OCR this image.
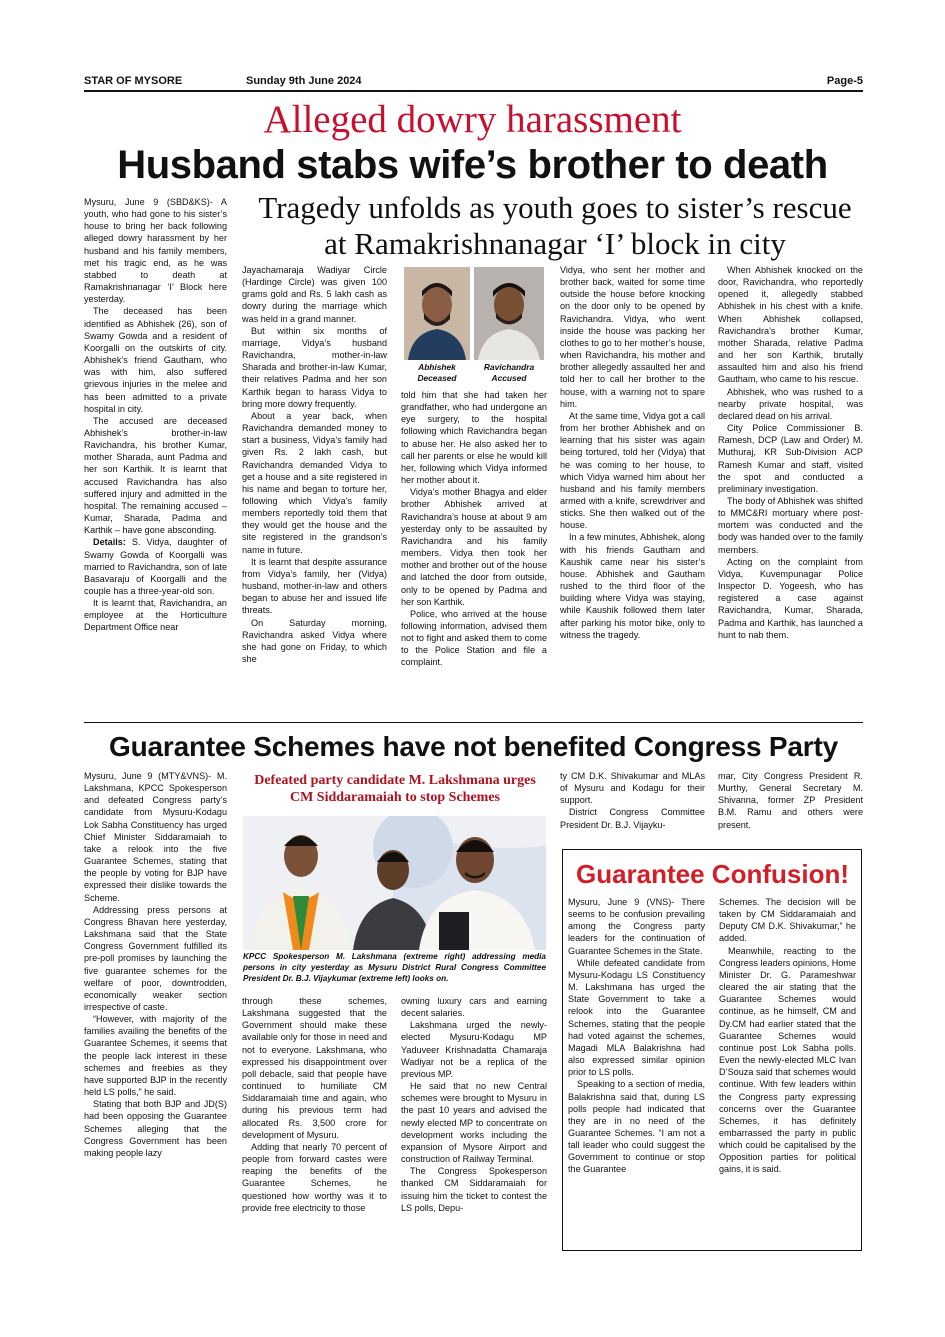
STAR OF MYSORE	Sunday 9th June 2024	Page-5
Alleged dowry harassment
Husband stabs wife’s brother to death
Tragedy unfolds as youth goes to sister’s rescue
at Ramakrishnanagar ‘I’ block in city

Mysuru, June 9 (SBD&KS)- A youth, who had gone to his sister’s house to bring her back following alleged dowry harassment by her husband and his family members, met his tragic end, as he was stabbed to death at Ramakrishnanagar ‘I’ Block here yesterday.

The deceased has been identified as Abhishek (26), son of Swamy Gowda and a resident of Koorgalli on the outskirts of city. Abhishek’s friend Gautham, who was with him, also suffered grievous injuries in the melee and has been admitted to a private hospital in city.

The accused are deceased Abhishek’s brother-in-law Ravichandra, his brother Kumar, mother Sharada, aunt Padma and her son Karthik. It is learnt that accused Ravichandra has also suffered injury and admitted in the hospital. The remaining accused – Kumar, Sharada, Padma and Karthik – have gone absconding.

Details: S. Vidya, daughter of Swamy Gowda of Koorgalli was married to Ravichandra, son of late Basavaraju of Koorgalli and the couple has a three-year-old son.

It is learnt that, Ravichandra, an employee at the Horticulture Department Office near

Jayachamaraja Wadiyar Circle (Hardinge Circle) was given 100 grams gold and Rs. 5 lakh cash as dowry during the marriage which was held in a grand manner.

But within six months of marriage, Vidya’s husband Ravichandra, mother-in-law Sharada and brother-in-law Kumar, their relatives Padma and her son Karthik began to harass Vidya to bring more dowry frequently.

About a year back, when Ravichandra demanded money to start a business, Vidya’s family had given Rs. 2 lakh cash, but Ravichandra demanded Vidya to get a house and a site registered in his name and began to torture her, following which Vidya’s family members reportedly told them that they would get the house and the site registered in the grandson’s name in future.

It is learnt that despite assurance from Vidya’s family, her (Vidya) husband, mother-in-law and others began to abuse her and issued life threats.

On Saturday morning, Ravichandra asked Vidya where she had gone on Friday, to which she

Abhishek
Deceased
Ravichandra
Accused

told him that she had taken her grandfather, who had undergone an eye surgery, to the hospital following which Ravichandra began to abuse her. He also asked her to call her parents or else he would kill her, following which Vidya informed her mother about it.

Vidya’s mother Bhagya and elder brother Abhishek arrived at Ravichandra’s house at about 9 am yesterday only to be assaulted by Ravichandra and his family members. Vidya then took her mother and brother out of the house and latched the door from outside, only to be opened by Padma and her son Karthik.

Police, who arrived at the house following information, advised them not to fight and asked them to come to the Police Station and file a complaint.

Vidya, who sent her mother and brother back, waited for some time outside the house before knocking on the door only to be opened by Ravichandra. Vidya, who went inside the house was packing her clothes to go to her mother’s house, when Ravichandra, his mother and brother allegedly assaulted her and told her to call her brother to the house, with a warning not to spare him.

At the same time, Vidya got a call from her brother Abhishek and on learning that his sister was again being tortured, told her (Vidya) that he was coming to her house, to which Vidya warned him about her husband and his family members armed with a knife, screwdriver and sticks. She then walked out of the house.

In a few minutes, Abhishek, along with his friends Gautham and Kaushik came near his sister’s house. Abhishek and Gautham rushed to the third floor of the building where Vidya was staying, while Kaushik followed them later after parking his motor bike, only to witness the tragedy.

When Abhishek knocked on the door, Ravichandra, who reportedly opened it, allegedly stabbed Abhishek in his chest with a knife. When Abhishek collapsed, Ravichandra’s brother Kumar, mother Sharada, relative Padma and her son Karthik, brutally assaulted him and also his friend Gautham, who came to his rescue.

Abhishek, who was rushed to a nearby private hospital, was declared dead on his arrival.

City Police Commissioner B. Ramesh, DCP (Law and Order) M. Muthuraj, KR Sub-Division ACP Ramesh Kumar and staff, visited the spot and conducted a preliminary investigation.

The body of Abhishek was shifted to MMC&RI mortuary where post-mortem was conducted and the body was handed over to the family members.

Acting on the complaint from Vidya, Kuvempunagar Police Inspector D. Yogeesh, who has registered a case against Ravichandra, Kumar, Sharada, Padma and Karthik, has launched a hunt to nab them.

Guarantee Schemes have not benefited Congress Party

Mysuru, June 9 (MTY&VNS)- M. Lakshmana, KPCC Spokesperson and defeated Congress party’s candidate from Mysuru-Kodagu Lok Sabha Constituency has urged Chief Minister Siddaramaiah to take a relook into the five Guarantee Schemes, stating that the people by voting for BJP have expressed their dislike towards the Scheme.

Addressing press persons at Congress Bhavan here yesterday, Lakshmana said that the State Congress Government fulfilled its pre-poll promises by launching the five guarantee schemes for the welfare of poor, downtrodden, economically weaker section irrespective of caste.

“However, with majority of the families availing the benefits of the Guarantee Schemes, it seems that the people lack interest in these schemes and freebies as they have supported BJP in the recently held LS polls,” he said.

Stating that both BJP and JD(S) had been opposing the Guarantee Schemes alleging that the Congress Government has been making people lazy

Defeated party candidate M. Lakshmana urges
CM Siddaramaiah to stop Schemes
KPCC Spokesperson M. Lakshmana (extreme right) addressing media persons in city yesterday as Mysuru District Rural Congress Committee President Dr. B.J. Vijaykumar (extreme left) looks on.

through these schemes, Lakshmana suggested that the Government should make these available only for those in need and not to everyone. Lakshmana, who expressed his disappointment over poll debacle, said that people have continued to humiliate CM Siddaramaiah time and again, who during his previous term had allocated Rs. 3,500 crore for development of Mysuru.

Adding that nearly 70 percent of people from forward castes were reaping the benefits of the Guarantee Schemes, he questioned how worthy was it to provide free electricity to those

owning luxury cars and earning decent salaries.

Lakshmana urged the newly-elected Mysuru-Kodagu MP Yaduveer Krishnadatta Chamaraja Wadiyar not be a replica of the previous MP.

He said that no new Central schemes were brought to Mysuru in the past 10 years and advised the newly elected MP to concentrate on development works including the expansion of Mysore Airport and construction of Railway Terminal.

The Congress Spokesperson thanked CM Siddaramaiah for issuing him the ticket to contest the LS polls, Depu-

ty CM D.K. Shivakumar and MLAs of Mysuru and Kodagu for their support.

District Congress Committee President Dr. B.J. Vijayku-

mar, City Congress President R. Murthy, General Secretary M. Shivanna, former ZP President B.M. Ramu and others were present.

Guarantee Confusion!

Mysuru, June 9 (VNS)- There seems to be confusion prevailing among the Congress party leaders for the continuation of Guarantee Schemes in the State.

While defeated candidate from Mysuru-Kodagu LS Constituency M. Lakshmana has urged the State Government to take a relook into the Guarantee Schemes, stating that the people had voted against the schemes, Magadi MLA Balakrishna had also expressed similar opinion prior to LS polls.

Speaking to a section of media, Balakrishna said that, during LS polls people had indicated that they are in no need of the Guarantee Schemes. “I am not a tall leader who could suggest the Government to continue or stop the Guarantee

Schemes. The decision will be taken by CM Siddaramaiah and Deputy CM D.K. Shivakumar,” he added.

Meanwhile, reacting to the Congress leaders opinions, Home Minister Dr. G. Parameshwar cleared the air stating that the Guarantee Schemes would continue, as he himself, CM and Dy.CM had earlier stated that the Guarantee Schemes would continue post Lok Sabha polls. Even the newly-elected MLC Ivan D’Souza said that schemes would continue. With few leaders within the Congress party expressing concerns over the Guarantee Schemes, it has definitely embarrassed the party in public which could be capitalised by the Opposition parties for political gains, it is said.
